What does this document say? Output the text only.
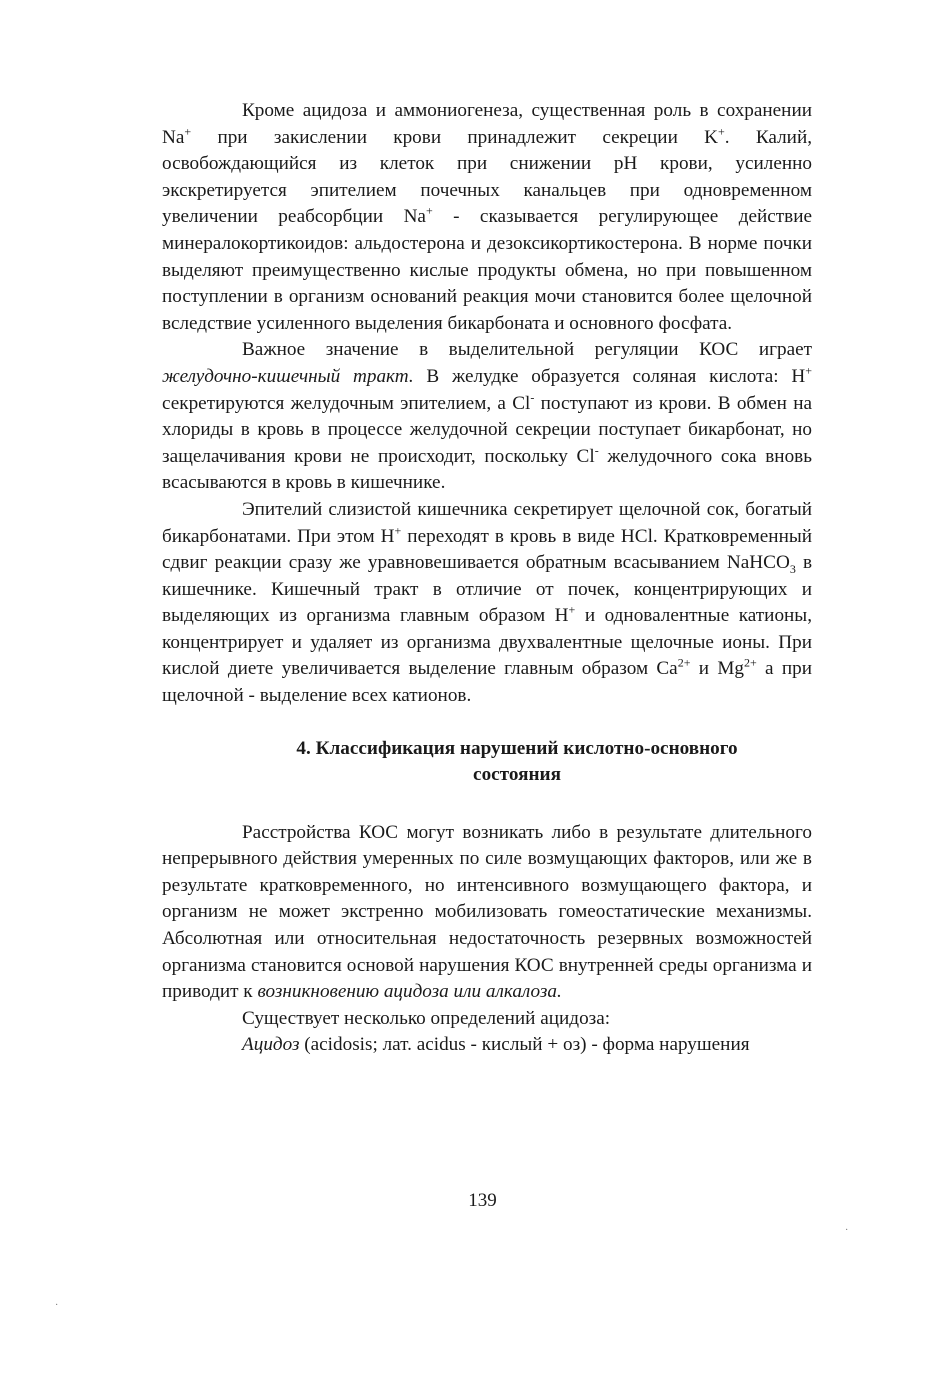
Кроме ацидоза и аммониогенеза, существенная роль в сохранении Na+ при закислении крови принадлежит секреции K+. Калий, освобождающийся из клеток при снижении pH крови, усиленно экскретируется эпителием почечных канальцев при одновременном увеличении реабсорбции Na+ - сказывается регулирующее действие минералокортикоидов: альдостерона и дезоксикортикостерона. В норме почки выделяют преимущественно кислые продукты обмена, но при повышенном поступлении в организм оснований реакция мочи становится более щелочной вследствие усиленного выделения бикарбоната и основного фосфата.

Важное значение в выделительной регуляции КОС играет желудочно-кишечный тракт. В желудке образуется соляная кислота: H+ секретируются желудочным эпителием, а Cl- поступают из крови. В обмен на хлориды в кровь в процессе желудочной секреции поступает бикарбонат, но защелачивания крови не происходит, поскольку Cl- желудочного сока вновь всасываются в кровь в кишечнике.

Эпителий слизистой кишечника секретирует щелочной сок, богатый бикарбонатами. При этом H+ переходят в кровь в виде HCl. Кратковременный сдвиг реакции сразу же уравновешивается обратным всасыванием NaHCO$_3$ в кишечнике. Кишечный тракт в отличие от почек, концентрирующих и выделяющих из организма главным образом H+ и одновалентные катионы, концентрирует и удаляет из организма двухвалентные щелочные ионы. При кислой диете увеличивается выделение главным образом $Ca^{2+}$ и $Mg^{2+}$ а при щелочной - выделение всех катионов.

4. Классификация нарушений кислотно-основного
состояния

Расстройства КОС могут возникать либо в результате длительного непрерывного действия умеренных по силе возмущающих факторов, или же в результате кратковременного, но интенсивного возмущающего фактора, и организм не может экстренно мобилизовать гомеостатические механизмы. Абсолютная или относительная недостаточность резервных возможностей организма становится основой нарушения КОС внутренней среды организма и приводит к возникновению ацидоза или алкалоза.

Существует несколько определений ацидоза:

Ацидоз (acidosis; лат. acidus - кислый + оз) - форма нарушения

139
·
·
